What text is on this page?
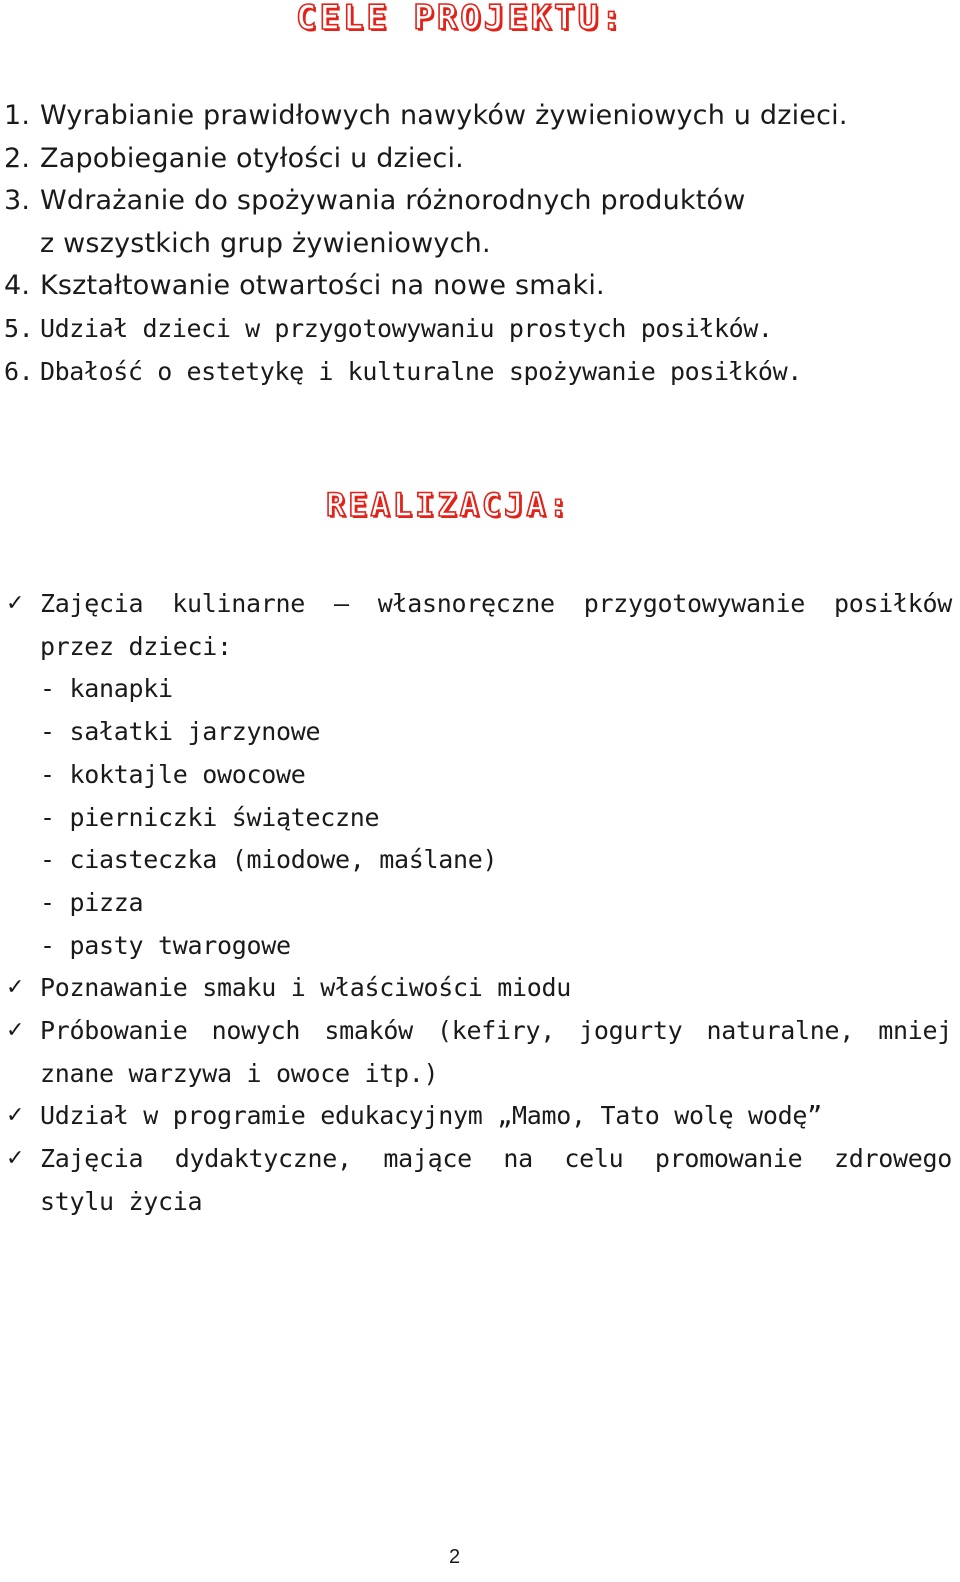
CELE PROJEKTU:
1. Wyrabianie prawidłowych nawyków żywieniowych u dzieci.
2. Zapobieganie otyłości u dzieci.
3. Wdrażanie do spożywania różnorodnych produktów
z wszystkich grup żywieniowych.
4. Kształtowanie otwartości na nowe smaki.
5. Udział dzieci w przygotowywaniu prostych posiłków.
6. Dbałość o estetykę i kulturalne spożywanie posiłków.
REALIZACJA:
✓ Zajęcia kulinarne – własnoręczne przygotowywanie posiłków
przez dzieci:
- kanapki
- sałatki jarzynowe
- koktajle owocowe
- pierniczki świąteczne
- ciasteczka (miodowe, maślane)
- pizza
- pasty twarogowe
✓ Poznawanie smaku i właściwości miodu
✓ Próbowanie nowych smaków (kefiry, jogurty naturalne, mniej
znane warzywa i owoce itp.)
✓ Udział w programie edukacyjnym „Mamo, Tato wolę wodę”
✓ Zajęcia dydaktyczne, mające na celu promowanie zdrowego
stylu życia
2
